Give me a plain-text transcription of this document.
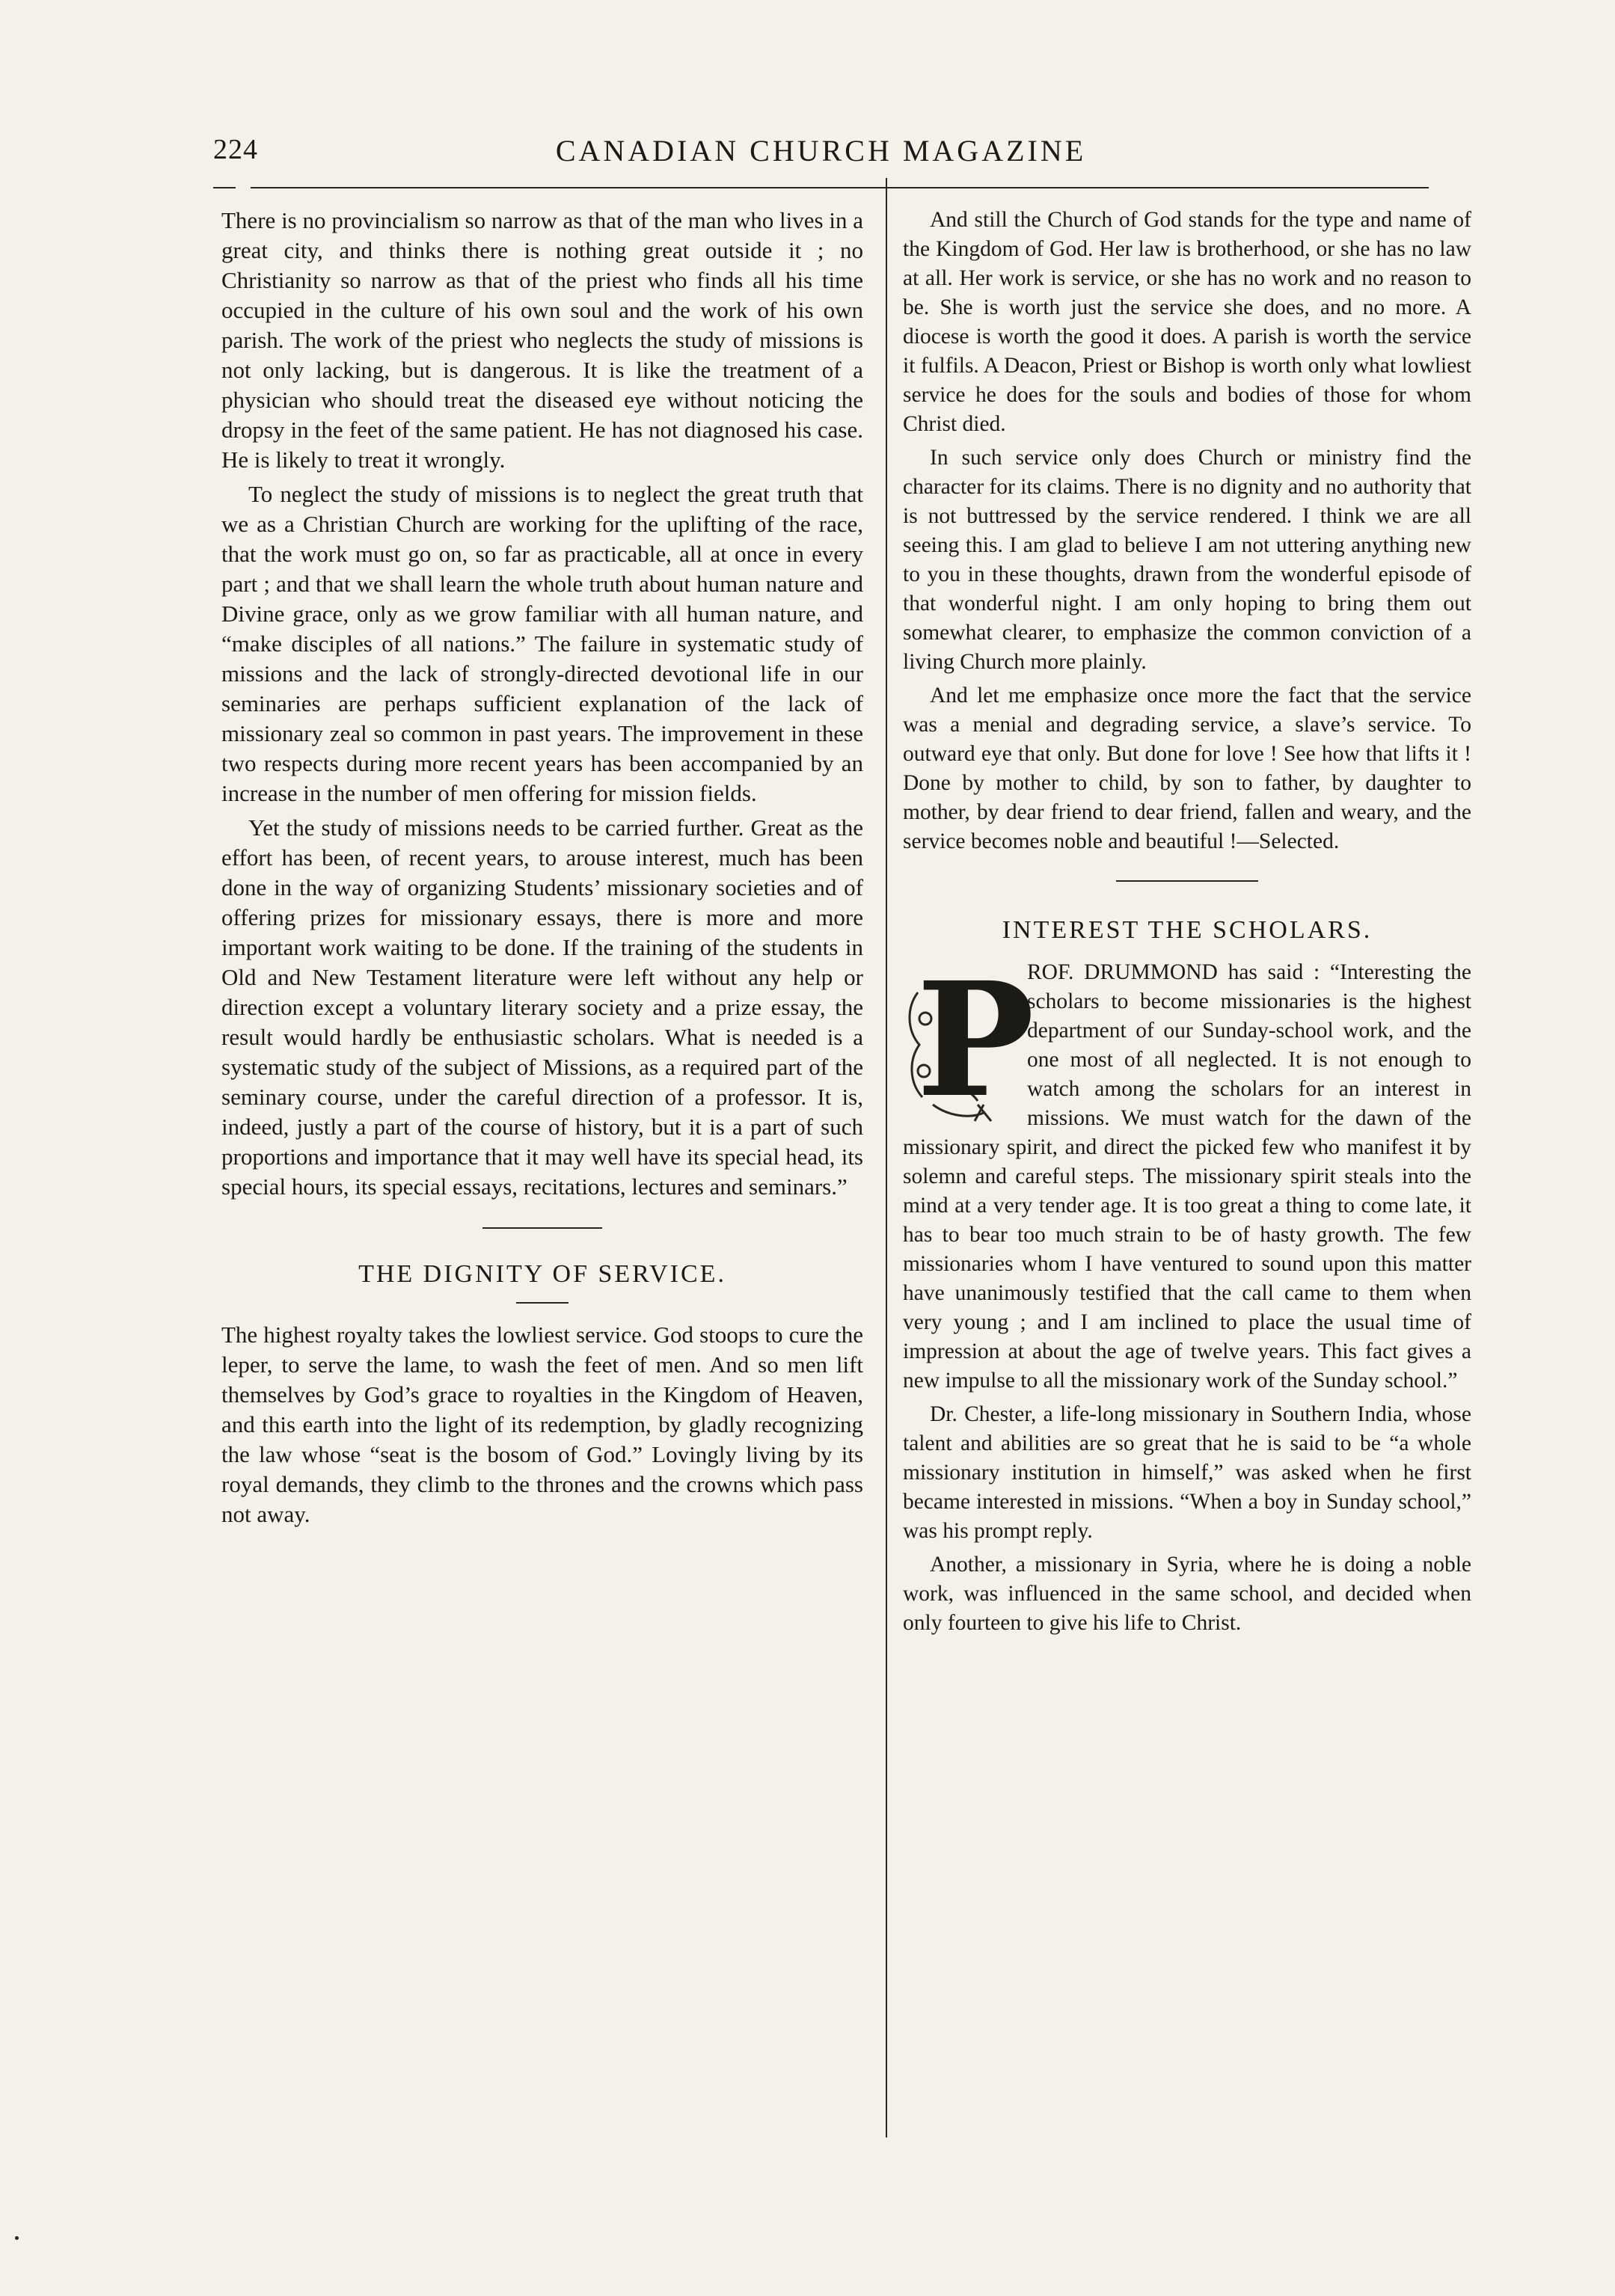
224	CANADIAN CHURCH MAGAZINE

There is no provincialism so narrow as that of the man who lives in a great city, and thinks there is nothing great outside it ; no Christianity so narrow as that of the priest who finds all his time occupied in the culture of his own soul and the work of his own parish. The work of the priest who neglects the study of missions is not only lacking, but is dangerous. It is like the treatment of a physician who should treat the diseased eye without noticing the dropsy in the feet of the same patient. He has not diagnosed his case. He is likely to treat it wrongly.

To neglect the study of missions is to neglect the great truth that we as a Christian Church are working for the uplifting of the race, that the work must go on, so far as practicable, all at once in every part ; and that we shall learn the whole truth about human nature and Divine grace, only as we grow familiar with all human nature, and “make disciples of all nations.” The failure in systematic study of missions and the lack of strongly-directed devotional life in our seminaries are perhaps sufficient explanation of the lack of missionary zeal so common in past years. The improvement in these two respects during more recent years has been accompanied by an increase in the number of men offering for mission fields.

Yet the study of missions needs to be carried further. Great as the effort has been, of recent years, to arouse interest, much has been done in the way of organizing Students’ missionary societies and of offering prizes for missionary essays, there is more and more important work waiting to be done. If the training of the students in Old and New Testament literature were left without any help or direction except a voluntary literary society and a prize essay, the result would hardly be enthusiastic scholars. What is needed is a systematic study of the subject of Missions, as a required part of the seminary course, under the careful direction of a professor. It is, indeed, justly a part of the course of history, but it is a part of such proportions and importance that it may well have its special head, its special hours, its special essays, recitations, lectures and seminars.”

THE DIGNITY OF SERVICE.

The highest royalty takes the lowliest service. God stoops to cure the leper, to serve the lame, to wash the feet of men. And so men lift themselves by God’s grace to royalties in the Kingdom of Heaven, and this earth into the light of its redemption, by gladly recognizing the law whose “seat is the bosom of God.” Lovingly living by its royal demands, they climb to the thrones and the crowns which pass not away.

And still the Church of God stands for the type and name of the Kingdom of God. Her law is brotherhood, or she has no law at all. Her work is service, or she has no work and no reason to be. She is worth just the service she does, and no more. A diocese is worth the good it does. A parish is worth the service it fulfils. A Deacon, Priest or Bishop is worth only what lowliest service he does for the souls and bodies of those for whom Christ died.

In such service only does Church or ministry find the character for its claims. There is no dignity and no authority that is not buttressed by the service rendered. I think we are all seeing this. I am glad to believe I am not uttering anything new to you in these thoughts, drawn from the wonderful episode of that wonderful night. I am only hoping to bring them out somewhat clearer, to emphasize the common conviction of a living Church more plainly.

And let me emphasize once more the fact that the service was a menial and degrading service, a slave’s service. To outward eye that only. But done for love ! See how that lifts it ! Done by mother to child, by son to father, by daughter to mother, by dear friend to dear friend, fallen and weary, and the service becomes noble and beautiful !—Selected.

INTEREST THE SCHOLARS.
P

ROF. DRUMMOND has said : “Interesting the scholars to become missionaries is the highest department of our Sunday-school work, and the one most of all neglected. It is not enough to watch among the scholars for an interest in missions. We must watch for the dawn of the missionary spirit, and direct the picked few who manifest it by solemn and careful steps. The missionary spirit steals into the mind at a very tender age. It is too great a thing to come late, it has to bear too much strain to be of hasty growth. The few missionaries whom I have ventured to sound upon this matter have unanimously testified that the call came to them when very young ; and I am inclined to place the usual time of impression at about the age of twelve years. This fact gives a new impulse to all the missionary work of the Sunday school.”

Dr. Chester, a life-long missionary in Southern India, whose talent and abilities are so great that he is said to be “a whole missionary institution in himself,” was asked when he first became interested in missions. “When a boy in Sunday school,” was his prompt reply.

Another, a missionary in Syria, where he is doing a noble work, was influenced in the same school, and decided when only fourteen to give his life to Christ.
